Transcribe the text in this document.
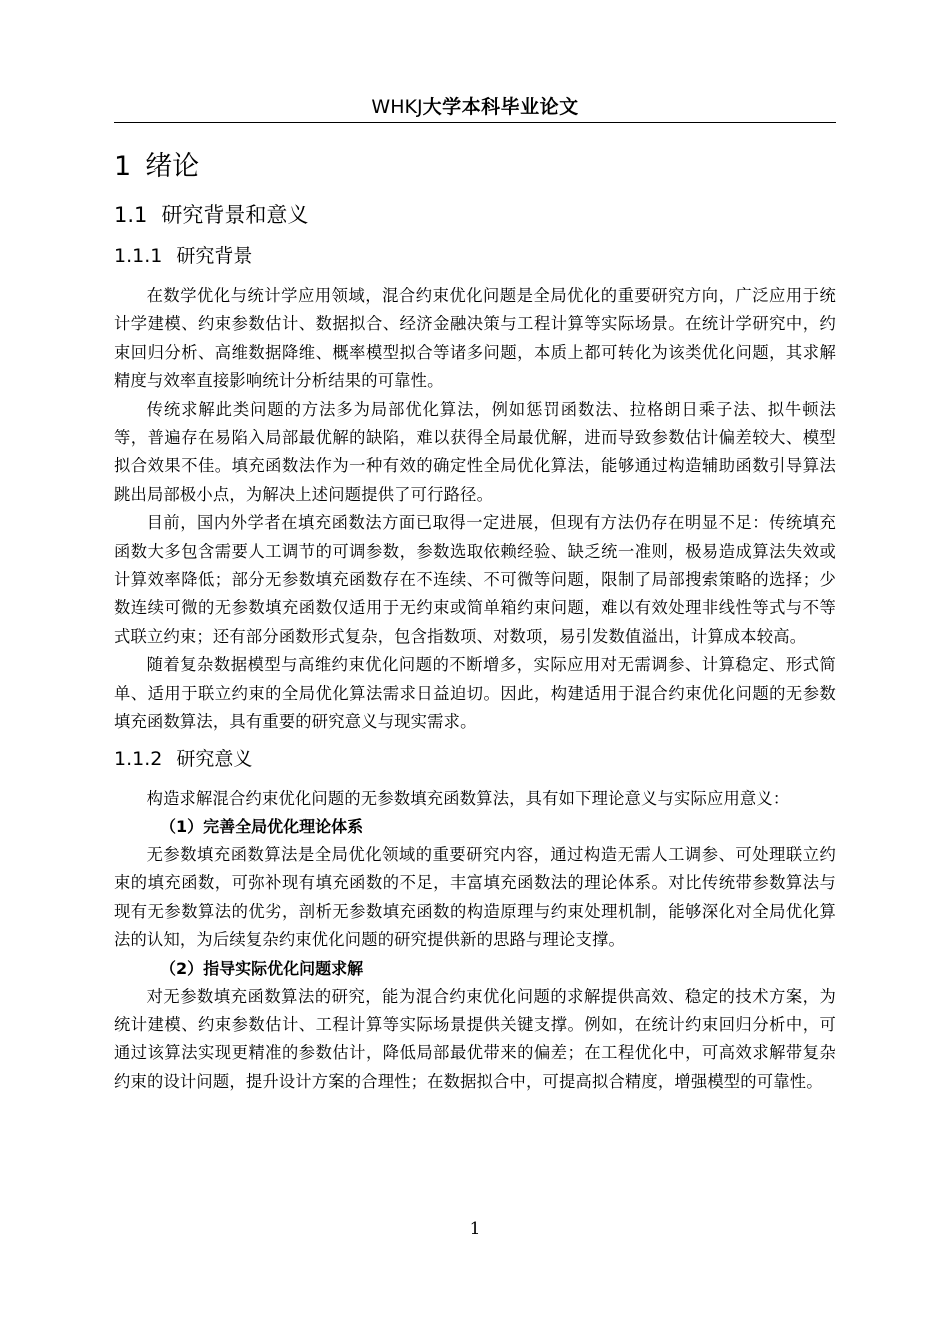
WHKJ大学本科毕业论文
1 绪论
1.1 研究背景和意义
1.1.1 研究背景

在数学优化与统计学应用领域，混合约束优化问题是全局优化的重要研究方向，广泛应用于统计学建模、约束参数估计、数据拟合、经济金融决策与工程计算等实际场景。在统计学研究中，约束回归分析、高维数据降维、概率模型拟合等诸多问题，本质上都可转化为该类优化问题，其求解精度与效率直接影响统计分析结果的可靠性。

传统求解此类问题的方法多为局部优化算法，例如惩罚函数法、拉格朗日乘子法、拟牛顿法等，普遍存在易陷入局部最优解的缺陷，难以获得全局最优解，进而导致参数估计偏差较大、模型拟合效果不佳。填充函数法作为一种有效的确定性全局优化算法，能够通过构造辅助函数引导算法跳出局部极小点，为解决上述问题提供了可行路径。

目前，国内外学者在填充函数法方面已取得一定进展，但现有方法仍存在明显不足：传统填充函数大多包含需要人工调节的可调参数，参数选取依赖经验、缺乏统一准则，极易造成算法失效或计算效率降低；部分无参数填充函数存在不连续、不可微等问题，限制了局部搜索策略的选择；少数连续可微的无参数填充函数仅适用于无约束或简单箱约束问题，难以有效处理非线性等式与不等式联立约束；还有部分函数形式复杂，包含指数项、对数项，易引发数值溢出，计算成本较高。

随着复杂数据模型与高维约束优化问题的不断增多，实际应用对无需调参、计算稳定、形式简单、适用于联立约束的全局优化算法需求日益迫切。因此，构建适用于混合约束优化问题的无参数填充函数算法，具有重要的研究意义与现实需求。

1.1.2 研究意义

构造求解混合约束优化问题的无参数填充函数算法，具有如下理论意义与实际应用意义：

（1）完善全局优化理论体系

无参数填充函数算法是全局优化领域的重要研究内容，通过构造无需人工调参、可处理联立约束的填充函数，可弥补现有填充函数的不足，丰富填充函数法的理论体系。对比传统带参数算法与现有无参数算法的优劣，剖析无参数填充函数的构造原理与约束处理机制，能够深化对全局优化算法的认知，为后续复杂约束优化问题的研究提供新的思路与理论支撑。

（2）指导实际优化问题求解

对无参数填充函数算法的研究，能为混合约束优化问题的求解提供高效、稳定的技术方案，为统计建模、约束参数估计、工程计算等实际场景提供关键支撑。例如，在统计约束回归分析中，可通过该算法实现更精准的参数估计，降低局部最优带来的偏差；在工程优化中，可高效求解带复杂约束的设计问题，提升设计方案的合理性；在数据拟合中，可提高拟合精度，增强模型的可靠性。

1
